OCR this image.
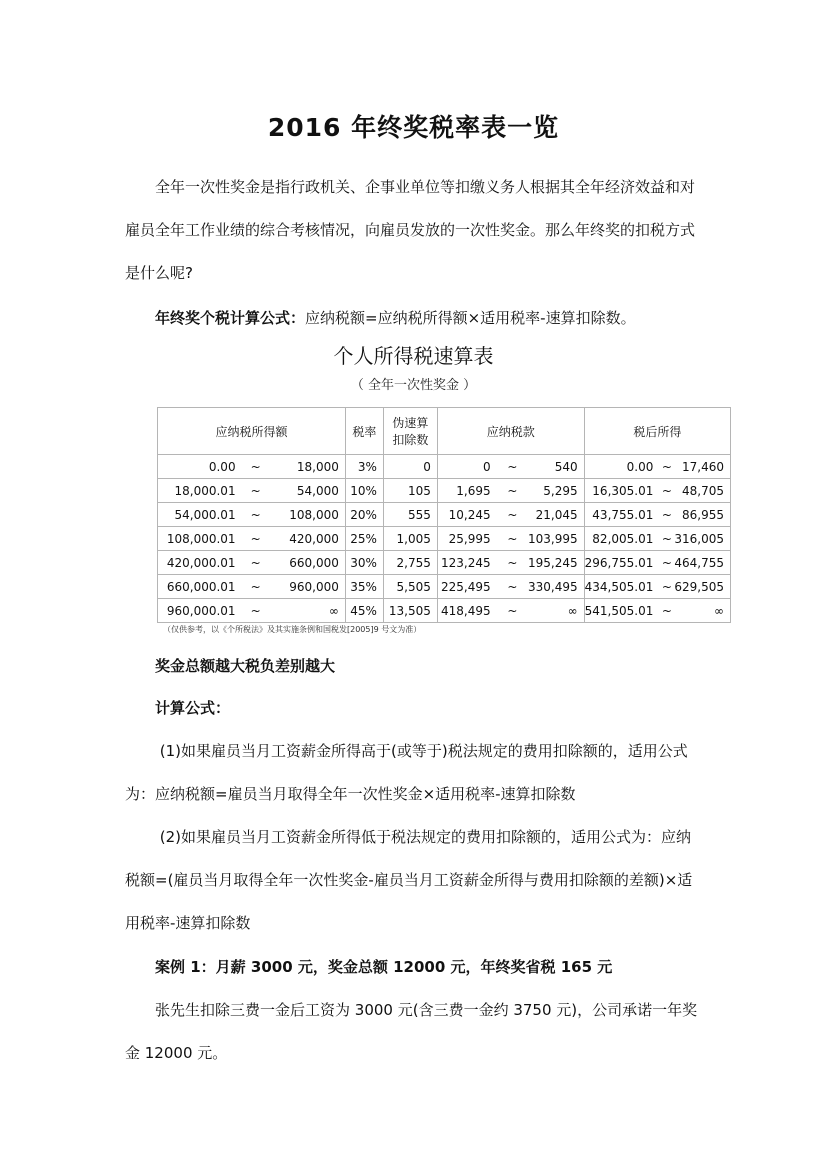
2016 年终奖税率表一览

全年一次性奖金是指行政机关、企事业单位等扣缴义务人根据其全年经济效益和对
雇员全年工作业绩的综合考核情况，向雇员发放的一次性奖金。那么年终奖的扣税方式
是什么呢?

年终奖个税计算公式：应纳税额=应纳税所得额×适用税率-速算扣除数。

个人所得税速算表
（ 全年一次性奖金 ）
应纳税所得额			税率	伪速算
扣除数	应纳税款			税后所得		
0.00	~	18,000	3%	0	0	~	540	0.00	~	17,460
18,000.01	~	54,000	10%	105	1,695	~	5,295	16,305.01	~	48,705
54,000.01	~	108,000	20%	555	10,245	~	21,045	43,755.01	~	86,955
108,000.01	~	420,000	25%	1,005	25,995	~	103,995	82,005.01	~	316,005
420,000.01	~	660,000	30%	2,755	123,245	~	195,245	296,755.01	~	464,755
660,000.01	~	960,000	35%	5,505	225,495	~	330,495	434,505.01	~	629,505
960,000.01	~	∞	45%	13,505	418,495	~	∞	541,505.01	~	∞
（仅供参考，以《个所税法》及其实施条例和国税发[2005]9 号文为准）

奖金总额越大税负差别越大

计算公式：

(1)如果雇员当月工资薪金所得高于(或等于)税法规定的费用扣除额的，适用公式
为：应纳税额=雇员当月取得全年一次性奖金×适用税率-速算扣除数

(2)如果雇员当月工资薪金所得低于税法规定的费用扣除额的，适用公式为：应纳
税额=(雇员当月取得全年一次性奖金-雇员当月工资薪金所得与费用扣除额的差额)×适
用税率-速算扣除数

案例 1：月薪 3000 元，奖金总额 12000 元，年终奖省税 165 元

张先生扣除三费一金后工资为 3000 元(含三费一金约 3750 元)，公司承诺一年奖
金 12000 元。
